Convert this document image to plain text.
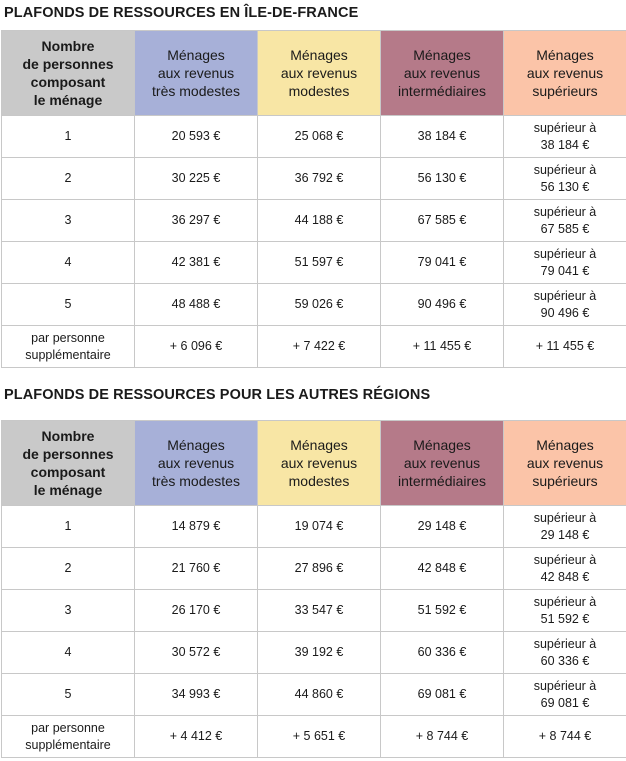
PLAFONDS DE RESSOURCES EN ÎLE-DE-FRANCE
Nombre
de personnes
composant
le ménage	Ménages
aux revenus
très modestes	Ménages
aux revenus
modestes	Ménages
aux revenus
intermédiaires	Ménages
aux revenus
supérieurs

1	20 593 €	25 068 €	38 184 €	supérieur à
38 184 €

2	30 225 €	36 792 €	56 130 €	supérieur à
56 130 €

3	36 297 €	44 188 €	67 585 €	supérieur à
67 585 €

4	42 381 €	51 597 €	79 041 €	supérieur à
79 041 €

5	48 488 €	59 026 €	90 496 €	supérieur à
90 496 €

par personne
supplémentaire	+ 6 096 €	+ 7 422 €	+ 11 455 €	+ 11 455 €
PLAFONDS DE RESSOURCES POUR LES AUTRES RÉGIONS
Nombre
de personnes
composant
le ménage	Ménages
aux revenus
très modestes	Ménages
aux revenus
modestes	Ménages
aux revenus
intermédiaires	Ménages
aux revenus
supérieurs

1	14 879 €	19 074 €	29 148 €	supérieur à
29 148 €

2	21 760 €	27 896 €	42 848 €	supérieur à
42 848 €

3	26 170 €	33 547 €	51 592 €	supérieur à
51 592 €

4	30 572 €	39 192 €	60 336 €	supérieur à
60 336 €

5	34 993 €	44 860 €	69 081 €	supérieur à
69 081 €

par personne
supplémentaire	+ 4 412 €	+ 5 651 €	+ 8 744 €	+ 8 744 €
